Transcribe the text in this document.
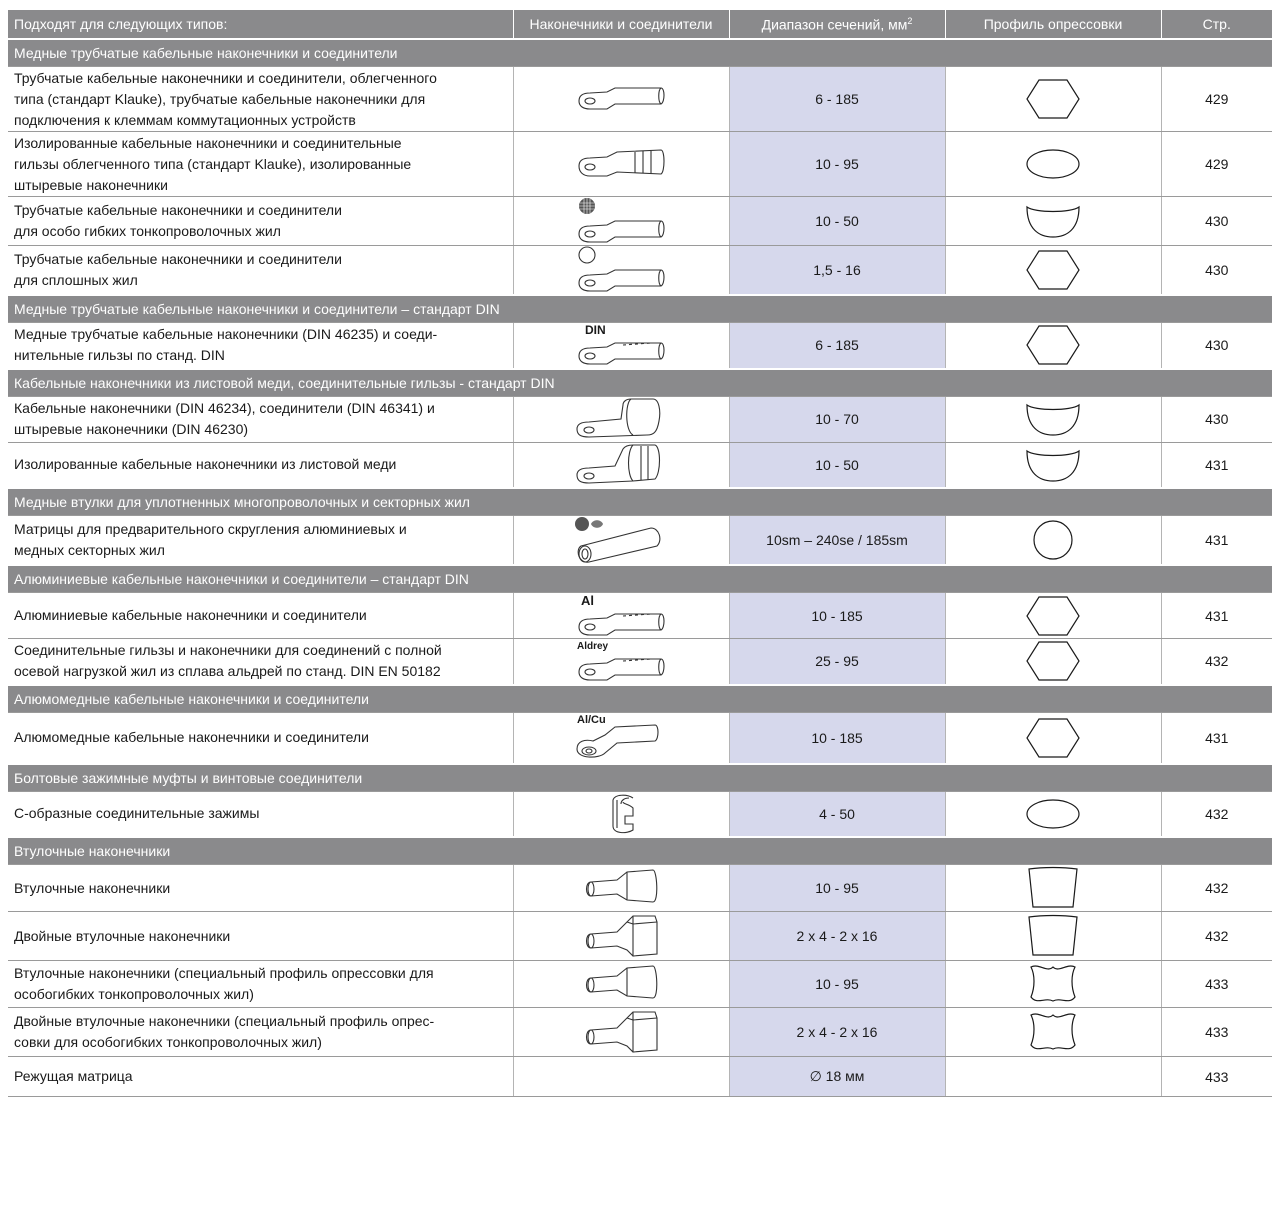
Подходят для следующих типов:	Наконечники и соединители	Диапазон сечений, $мм^2$	Профиль опрессовки	Стр.
Медные трубчатые кабельные наконечники и соединители				

Трубчатые кабельные наконечники и соединители, облегченного
типа (стандарт Klauke), трубчатые кабельные наконечники для
подключения к клеммам коммутационных устройств		6 - 185		429

Изолированные кабельные наконечники и соединительные
гильзы облегченного типа (стандарт Klauke), изолированные
штыревые наконечники		10 - 95		429

Трубчатые кабельные наконечники и соединители
для особо гибких тонкопроволочных жил		10 - 50		430

Трубчатые кабельные наконечники и соединители
для сплошных жил		1,5 - 16		430
Медные трубчатые кабельные наконечники и соединители – стандарт DIN				

Медные трубчатые кабельные наконечники (DIN 46235) и соеди-
нительные гильзы по станд. DIN	DIN	6 - 185		430
Кабельные наконечники из листовой меди, соединительные гильзы - стандарт DIN				

Кабельные наконечники (DIN 46234), соединители (DIN 46341) и
штыревые наконечники (DIN 46230)		10 - 70		430

Изолированные кабельные наконечники из листовой меди		10 - 50		431
Медные втулки для уплотненных многопроволочных и секторных жил				

Матрицы для предварительного скругления алюминиевых и
медных секторных жил		10sm – 240se / 185sm		431
Алюминиевые кабельные наконечники и соединители – стандарт DIN				

Алюминиевые кабельные наконечники и соединители	Al	10 - 185		431

Соединительные гильзы и наконечники для соединений с полной
осевой нагрузкой жил из сплава альдрей по станд. DIN EN 50182	Aldrey	25 - 95		432
Алюмомедные кабельные наконечники и соединители				

Алюмомедные кабельные наконечники и соединители	Al/Cu	10 - 185		431
Болтовые зажимные муфты и винтовые соединители				

С-образные соединительные зажимы		4 - 50		432
Втулочные наконечники				

Втулочные наконечники		10 - 95		432

Двойные втулочные наконечники		2 x 4 - 2 x 16		432

Втулочные наконечники (специальный профиль опрессовки для
особогибких тонкопроволочных жил)		10 - 95		433

Двойные втулочные наконечники (специальный профиль опрес-
совки для особогибких тонкопроволочных жил)		2 x 4 - 2 x 16		433

Режущая матрица		∅ 18 мм		433
